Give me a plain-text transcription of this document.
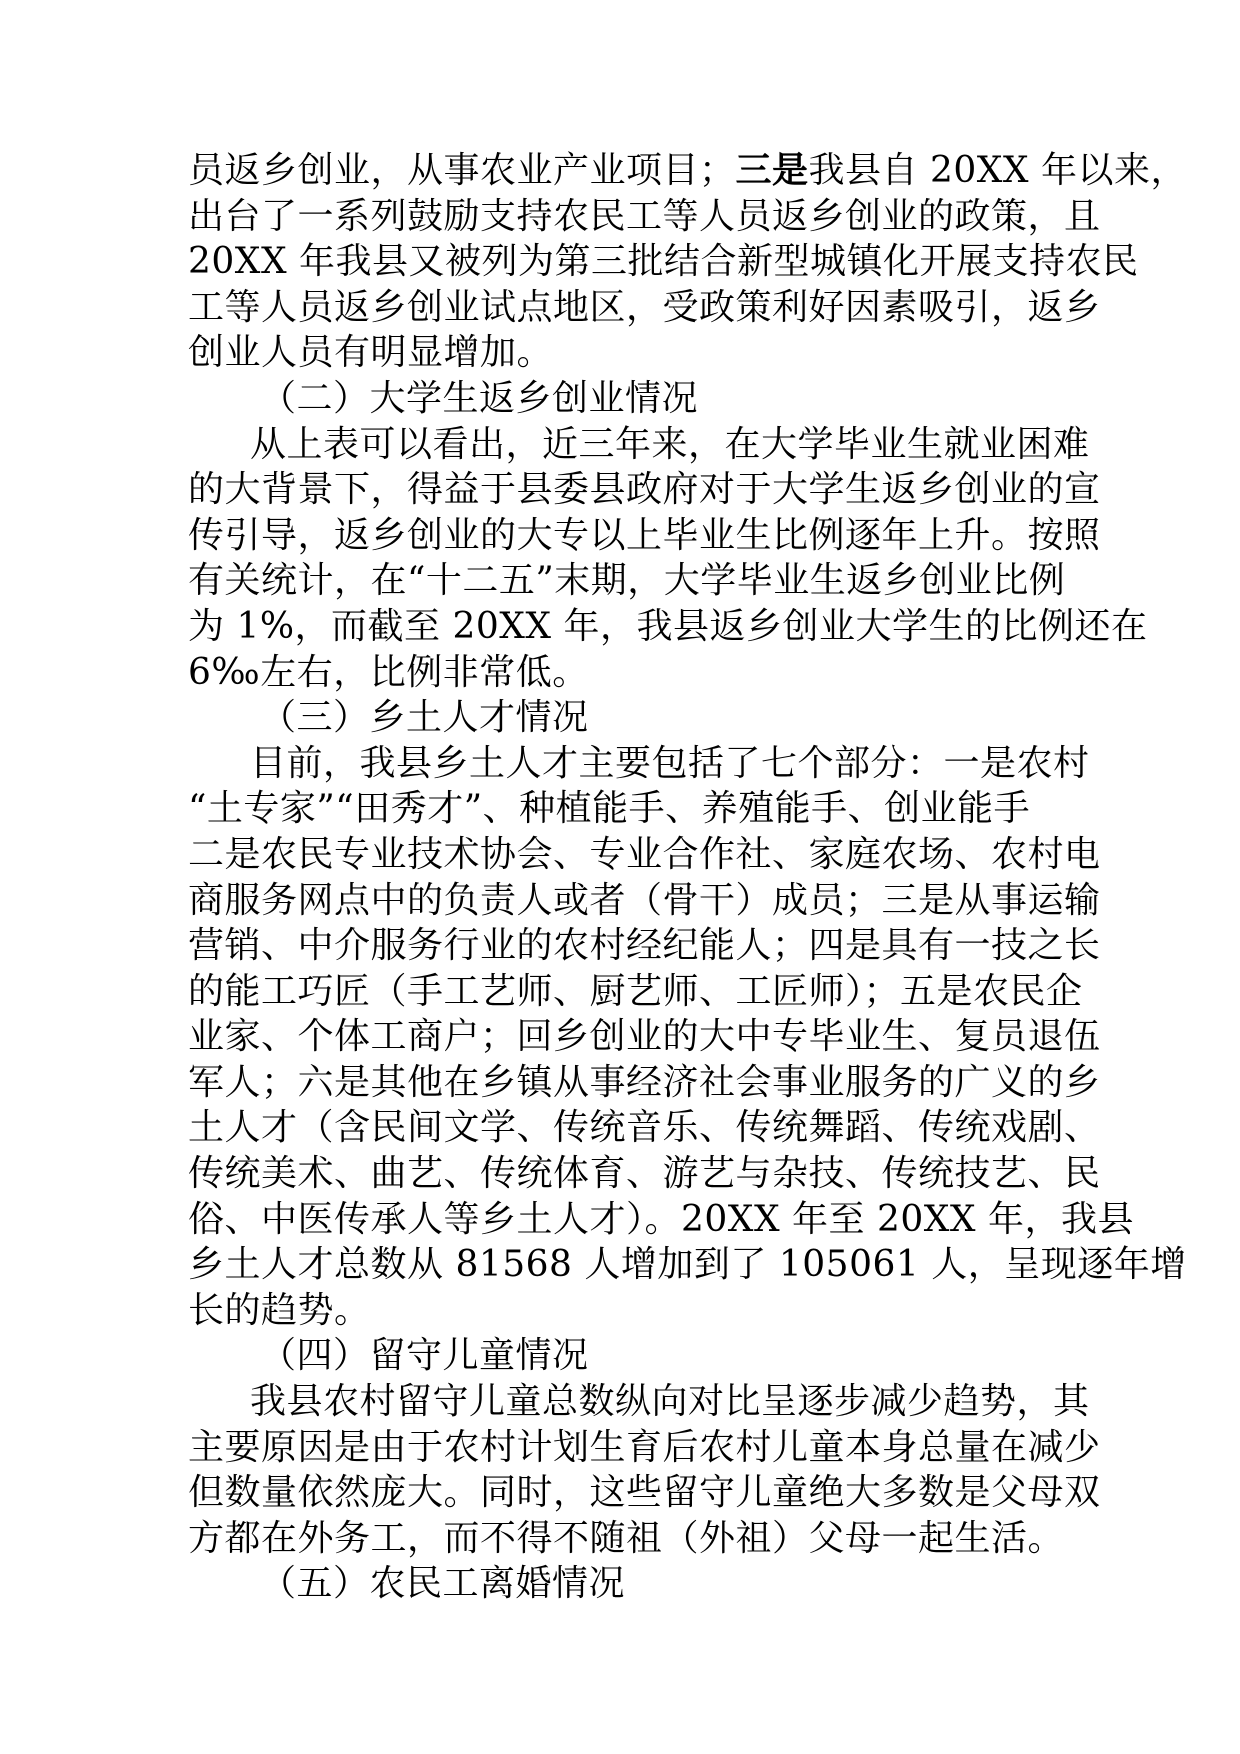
员返乡创业，从事农业产业项目；三是我县自 20XX 年以来，
出台了一系列鼓励支持农民工等人员返乡创业的政策，且
20XX 年我县又被列为第三批结合新型城镇化开展支持农民
工等人员返乡创业试点地区，受政策利好因素吸引，返乡
创业人员有明显增加。
（二）大学生返乡创业情况
从上表可以看出，近三年来，在大学毕业生就业困难
的大背景下，得益于县委县政府对于大学生返乡创业的宣
传引导，返乡创业的大专以上毕业生比例逐年上升。按照
有关统计，在“十二五”末期，大学毕业生返乡创业比例
为 1%，而截至 20XX 年，我县返乡创业大学生的比例还在
6‰左右，比例非常低。
（三）乡土人才情况
目前，我县乡土人才主要包括了七个部分：一是农村
“土专家”“田秀才”、种植能手、养殖能手、创业能手
二是农民专业技术协会、专业合作社、家庭农场、农村电
商服务网点中的负责人或者（骨干）成员；三是从事运输
营销、中介服务行业的农村经纪能人；四是具有一技之长
的能工巧匠（手工艺师、厨艺师、工匠师）；五是农民企
业家、个体工商户；回乡创业的大中专毕业生、复员退伍
军人；六是其他在乡镇从事经济社会事业服务的广义的乡
土人才（含民间文学、传统音乐、传统舞蹈、传统戏剧、
传统美术、曲艺、传统体育、游艺与杂技、传统技艺、民
俗、中医传承人等乡土人才）。20XX 年至 20XX 年，我县
乡土人才总数从 81568 人增加到了 105061 人，呈现逐年增
长的趋势。
（四）留守儿童情况
我县农村留守儿童总数纵向对比呈逐步减少趋势，其
主要原因是由于农村计划生育后农村儿童本身总量在减少
但数量依然庞大。同时，这些留守儿童绝大多数是父母双
方都在外务工，而不得不随祖（外祖）父母一起生活。
（五）农民工离婚情况
